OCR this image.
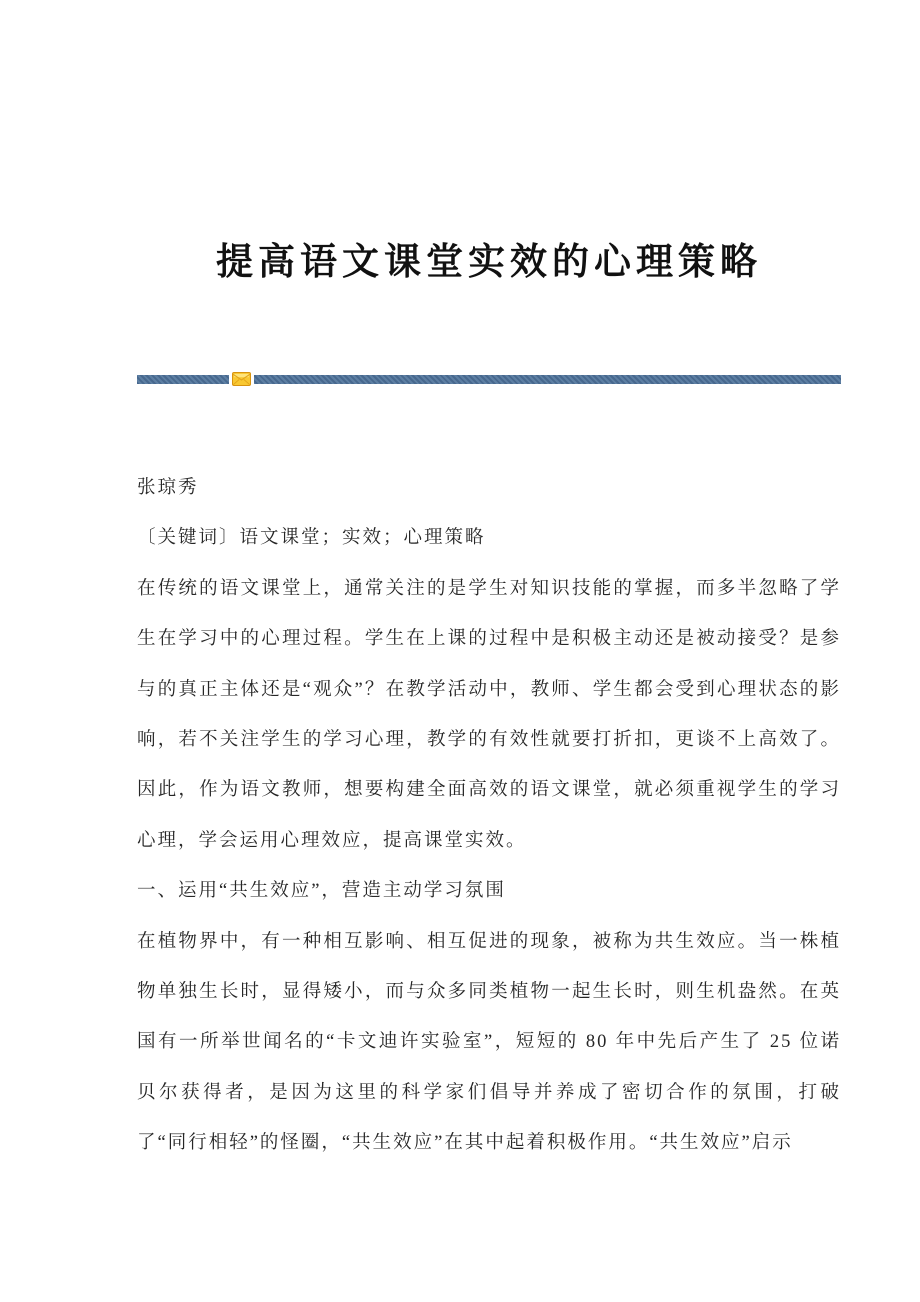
提高语文课堂实效的心理策略

张琼秀

〔关键词〕语文课堂；实效；心理策略

在传统的语文课堂上，通常关注的是学生对知识技能的掌握，而多半忽略了学生在学习中的心理过程。学生在上课的过程中是积极主动还是被动接受？是参与的真正主体还是“观众”？在教学活动中，教师、学生都会受到心理状态的影响，若不关注学生的学习心理，教学的有效性就要打折扣，更谈不上高效了。因此，作为语文教师，想要构建全面高效的语文课堂，就必须重视学生的学习心理，学会运用心理效应，提高课堂实效。

一、运用“共生效应”，营造主动学习氛围

在植物界中，有一种相互影响、相互促进的现象，被称为共生效应。当一株植物单独生长时，显得矮小，而与众多同类植物一起生长时，则生机盎然。在英国有一所举世闻名的“卡文迪许实验室”，短短的 80 年中先后产生了 25 位诺贝尔获得者，是因为这里的科学家们倡导并养成了密切合作的氛围，打破了“同行相轻”的怪圈，“共生效应”在其中起着积极作用。“共生效应”启示
